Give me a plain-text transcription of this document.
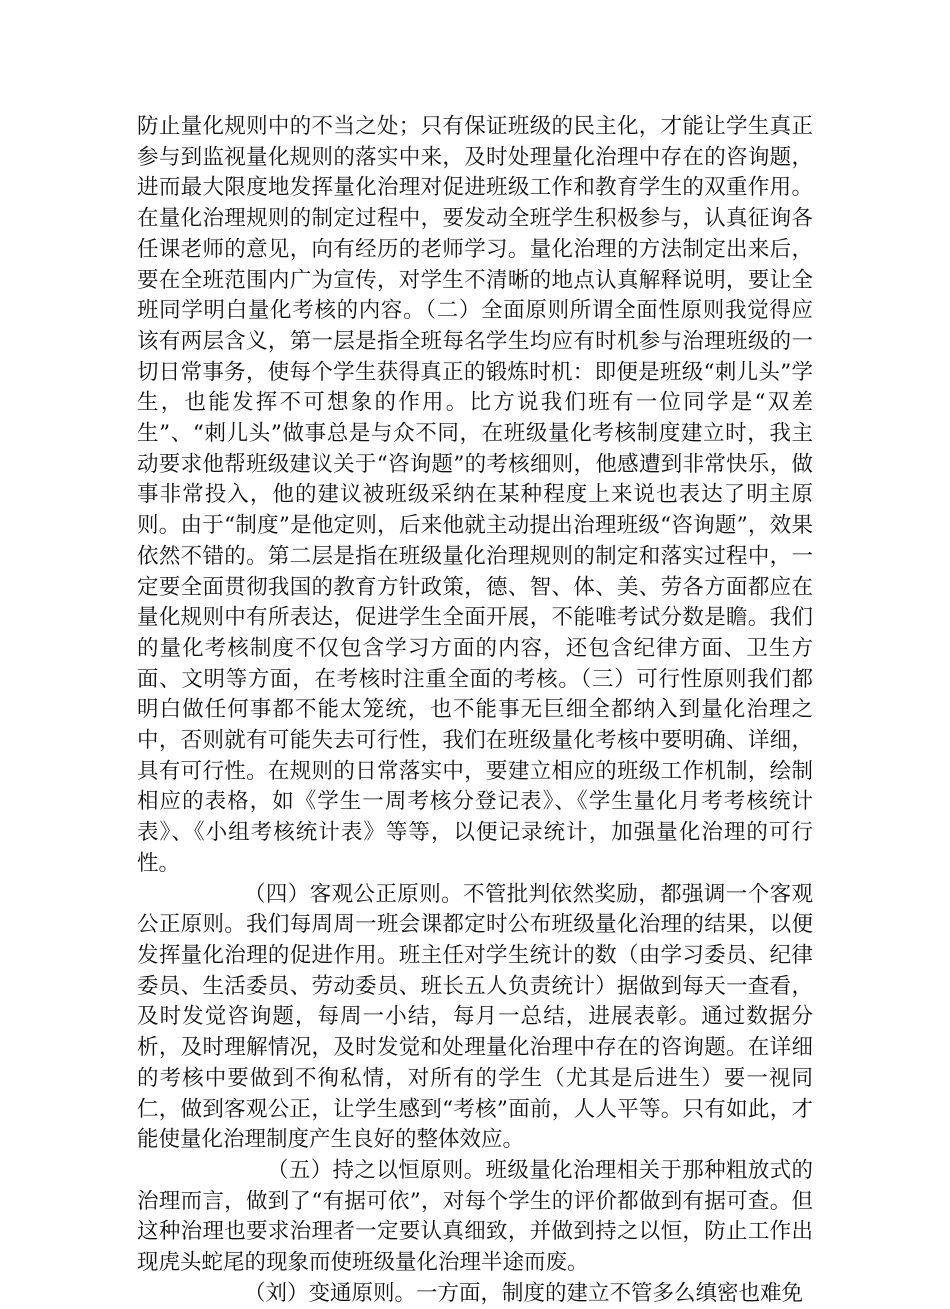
防止量化规则中的不当之处；只有保证班级的民主化，才能让学生真正参与到监视量化规则的落实中来，及时处理量化治理中存在的咨询题，进而最大限度地发挥量化治理对促进班级工作和教育学生的双重作用。在量化治理规则的制定过程中，要发动全班学生积极参与，认真征询各任课老师的意见，向有经历的老师学习。量化治理的方法制定出来后，要在全班范围内广为宣传，对学生不清晰的地点认真解释说明，要让全班同学明白量化考核的内容。（二）全面原则所谓全面性原则我觉得应该有两层含义，第一层是指全班每名学生均应有时机参与治理班级的一切日常事务，使每个学生获得真正的锻炼时机：即便是班级“刺儿头”学生，也能发挥不可想象的作用。比方说我们班有一位同学是“双差生”、“刺儿头”做事总是与众不同，在班级量化考核制度建立时，我主动要求他帮班级建议关于“咨询题”的考核细则，他感遭到非常快乐，做事非常投入，他的建议被班级采纳在某种程度上来说也表达了明主原则。由于“制度”是他定则，后来他就主动提出治理班级“咨询题”，效果依然不错的。第二层是指在班级量化治理规则的制定和落实过程中，一定要全面贯彻我国的教育方针政策，德、智、体、美、劳各方面都应在量化规则中有所表达，促进学生全面开展，不能唯考试分数是瞻。我们的量化考核制度不仅包含学习方面的内容，还包含纪律方面、卫生方面、文明等方面，在考核时注重全面的考核。（三）可行性原则我们都明白做任何事都不能太笼统，也不能事无巨细全都纳入到量化治理之中，否则就有可能失去可行性，我们在班级量化考核中要明确、详细，具有可行性。在规则的日常落实中，要建立相应的班级工作机制，绘制相应的表格，如《学生一周考核分登记表》、《学生量化月考考核统计表》、《小组考核统计表》等等，以便记录统计，加强量化治理的可行性。

（四）客观公正原则。不管批判依然奖励，都强调一个客观公正原则。我们每周周一班会课都定时公布班级量化治理的结果，以便发挥量化治理的促进作用。班主任对学生统计的数（由学习委员、纪律委员、生活委员、劳动委员、班长五人负责统计）据做到每天一查看，及时发觉咨询题，每周一小结，每月一总结，进展表彰。通过数据分析，及时理解情况，及时发觉和处理量化治理中存在的咨询题。在详细的考核中要做到不徇私情，对所有的学生（尤其是后进生）要一视同仁，做到客观公正，让学生感到“考核”面前，人人平等。只有如此，才能使量化治理制度产生良好的整体效应。

（五）持之以恒原则。班级量化治理相关于那种粗放式的治理而言，做到了“有据可依”，对每个学生的评价都做到有据可查。但这种治理也要求治理者一定要认真细致，并做到持之以恒，防止工作出现虎头蛇尾的现象而使班级量化治理半途而废。

（刘）变通原则。一方面，制度的建立不管多么缜密也难免
